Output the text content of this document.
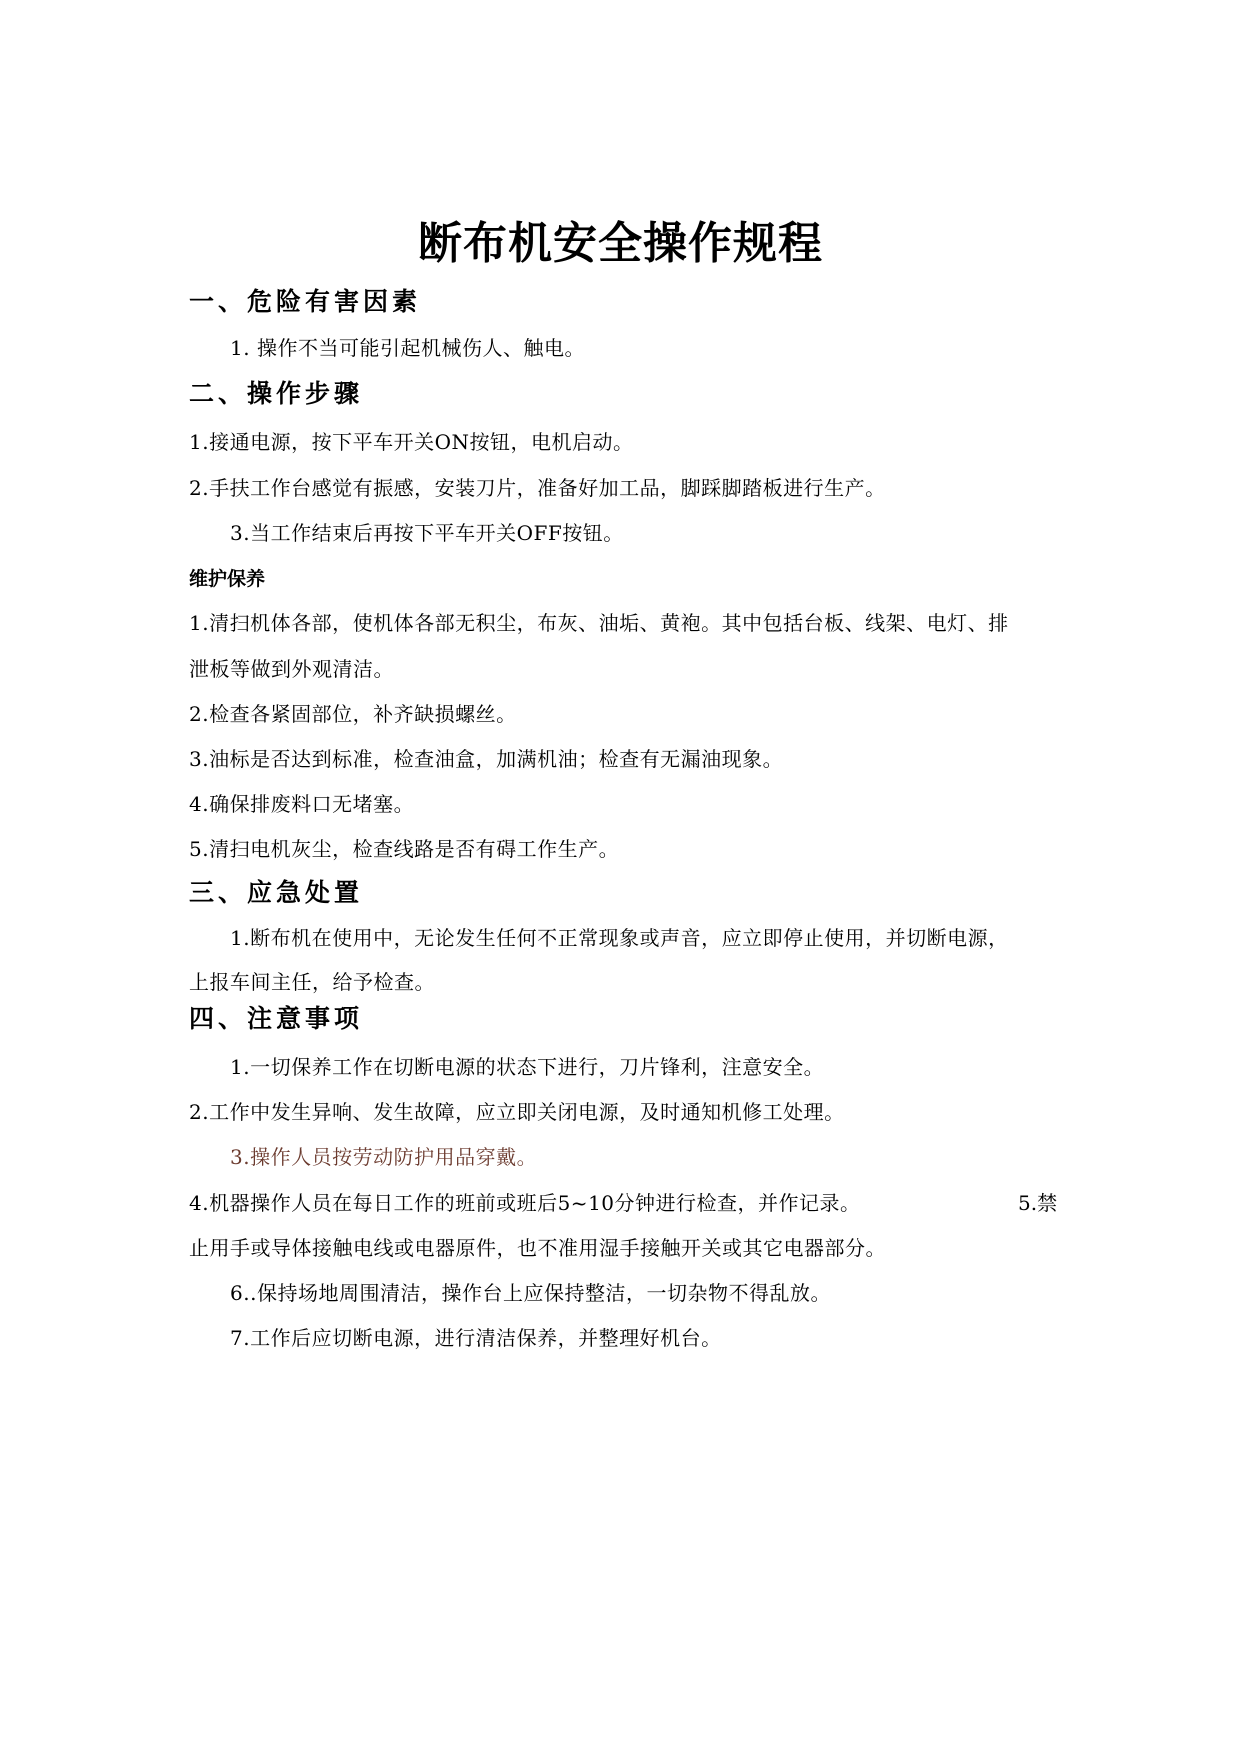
断布机安全操作规程
一、危险有害因素
1. 操作不当可能引起机械伤人、触电。
二、操作步骤
1.接通电源，按下平车开关ON按钮，电机启动。
2.手扶工作台感觉有振感，安装刀片，准备好加工品，脚踩脚踏板进行生产。
3.当工作结束后再按下平车开关OFF按钮。
维护保养
1.清扫机体各部，使机体各部无积尘，布灰、油垢、黄袍。其中包括台板、线架、电灯、排
泄板等做到外观清洁。
2.检查各紧固部位，补齐缺损螺丝。
3.油标是否达到标准，检查油盒，加满机油；检查有无漏油现象。
4.确保排废料口无堵塞。
5.清扫电机灰尘，检查线路是否有碍工作生产。
三、应急处置
1.断布机在使用中，无论发生任何不正常现象或声音，应立即停止使用，并切断电源，
上报车间主任，给予检查。
四、注意事项
1.一切保养工作在切断电源的状态下进行，刀片锋利，注意安全。
2.工作中发生异响、发生故障，应立即关闭电源，及时通知机修工处理。
3.操作人员按劳动防护用品穿戴。
4.机器操作人员在每日工作的班前或班后5~10分钟进行检查，并作记录。	5.禁
止用手或导体接触电线或电器原件，也不准用湿手接触开关或其它电器部分。
6..保持场地周围清洁，操作台上应保持整洁，一切杂物不得乱放。
7.工作后应切断电源，进行清洁保养，并整理好机台。
